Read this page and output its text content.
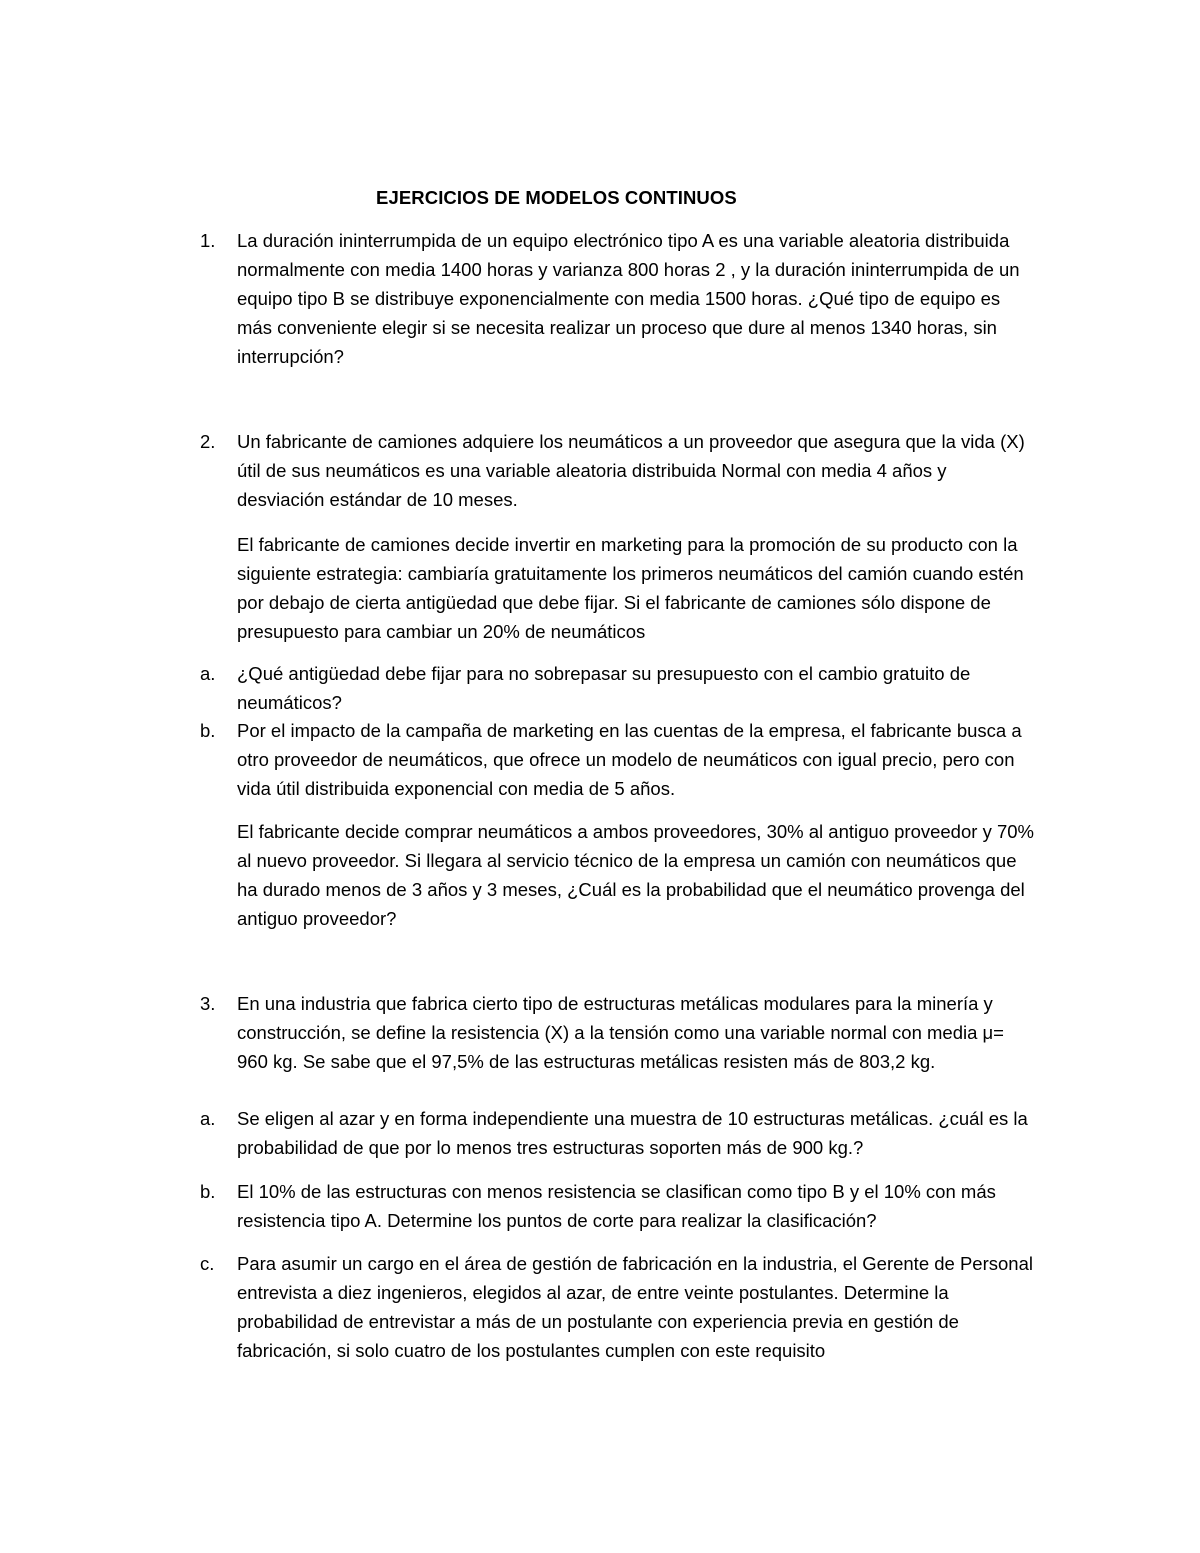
EJERCICIOS DE MODELOS CONTINUOS
1.	La duración ininterrumpida de un equipo electrónico tipo A es una variable aleatoria distribuida normalmente con media 1400 horas y varianza 800 horas 2 , y la duración ininterrumpida de un equipo tipo B se distribuye exponencialmente con media 1500 horas. ¿Qué tipo de equipo es más conveniente elegir si se necesita realizar un proceso que dure al menos 1340 horas, sin interrupción?

2.	Un fabricante de camiones adquiere los neumáticos a un proveedor que asegura que la vida (X) útil de sus neumáticos es una variable aleatoria distribuida Normal con media 4 años y desviación estándar de 10 meses.

El fabricante de camiones decide invertir en marketing para la promoción de su producto con la siguiente estrategia: cambiaría gratuitamente los primeros neumáticos del camión cuando estén por debajo de cierta antigüedad que debe fijar. Si el fabricante de camiones sólo dispone de presupuesto para cambiar un 20% de neumáticos

a.	¿Qué antigüedad debe fijar para no sobrepasar su presupuesto con el cambio gratuito de neumáticos?

b.	Por el impacto de la campaña de marketing en las cuentas de la empresa, el fabricante busca a otro proveedor de neumáticos, que ofrece un modelo de neumáticos con igual precio, pero con vida útil distribuida exponencial con media de 5 años.

El fabricante decide comprar neumáticos a ambos proveedores, 30% al antiguo proveedor y 70% al nuevo proveedor. Si llegara al servicio técnico de la empresa un camión con neumáticos que ha durado menos de 3 años y 3 meses, ¿Cuál es la probabilidad que el neumático provenga del antiguo proveedor?

3.	En una industria que fabrica cierto tipo de estructuras metálicas modulares para la minería y construcción, se define la resistencia (X) a la tensión como una variable normal con media μ= 960 kg. Se sabe que el 97,5% de las estructuras metálicas resisten más de 803,2 kg.

a.	Se eligen al azar y en forma independiente una muestra de 10 estructuras metálicas. ¿cuál es la probabilidad de que por lo menos tres estructuras soporten más de 900 kg.?

b.	El 10% de las estructuras con menos resistencia se clasifican como tipo B y el 10% con más resistencia tipo A. Determine los puntos de corte para realizar la clasificación?

c.	Para asumir un cargo en el área de gestión de fabricación en la industria, el Gerente de Personal entrevista a diez ingenieros, elegidos al azar, de entre veinte postulantes. Determine la probabilidad de entrevistar a más de un postulante con experiencia previa en gestión de fabricación, si solo cuatro de los postulantes cumplen con este requisito
